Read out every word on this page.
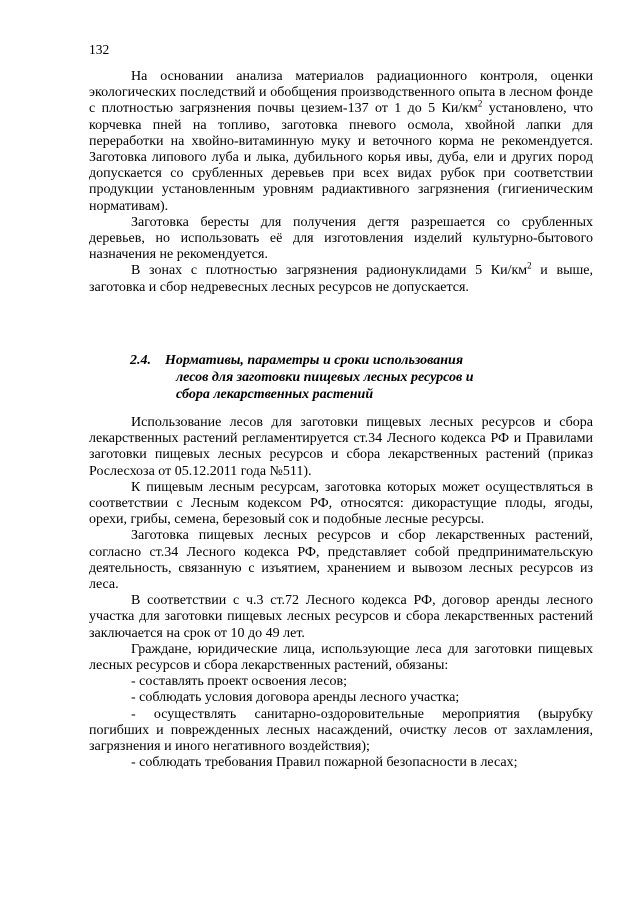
132

На основании анализа материалов радиационного контроля, оценки экологических последствий и обобщения производственного опыта в лесном фонде с плотностью загрязнения почвы цезием-137 от 1 до 5 $Ки/км^2$ установлено, что корчевка пней на топливо, заготовка пневого осмола, хвойной лапки для переработки на хвойно-витаминную муку и веточного корма не рекомендуется. Заготовка липового луба и лыка, дубильного корья ивы, дуба, ели и других пород допускается со срубленных деревьев при всех видах рубок при соответствии продукции установленным уровням радиактивного загрязнения (гигиеническим нормативам).

Заготовка бересты для получения дегтя разрешается со срубленных деревьев, но использовать её для изготовления изделий культурно-бытового назначения не рекомендуется.

В зонах с плотностью загрязнения радионуклидами 5 $Ки/км^2$ и выше, заготовка и сбор недревесных лесных ресурсов не допускается.

2.4. Нормативы, параметры и сроки использования
лесов для заготовки пищевых лесных ресурсов и
сбора лекарственных растений

Использование лесов для заготовки пищевых лесных ресурсов и сбора лекарственных растений регламентируется ст.34 Лесного кодекса РФ и Правилами заготовки пищевых лесных ресурсов и сбора лекарственных растений (приказ Рослесхоза от 05.12.2011 года №511).

К пищевым лесным ресурсам, заготовка которых может осуществляться в соответствии с Лесным кодексом РФ, относятся: дикорастущие плоды, ягоды, орехи, грибы, семена, березовый сок и подобные лесные ресурсы.

Заготовка пищевых лесных ресурсов и сбор лекарственных растений, согласно ст.34 Лесного кодекса РФ, представляет собой предпринимательскую деятельность, связанную с изъятием, хранением и вывозом лесных ресурсов из леса.

В соответствии с ч.3 ст.72 Лесного кодекса РФ, договор аренды лесного участка для заготовки пищевых лесных ресурсов и сбора лекарственных растений заключается на срок от 10 до 49 лет.

Граждане, юридические лица, использующие леса для заготовки пищевых лесных ресурсов и сбора лекарственных растений, обязаны:

- составлять проект освоения лесов;

- соблюдать условия договора аренды лесного участка;

- осуществлять санитарно-оздоровительные мероприятия (вырубку погибших и поврежденных лесных насаждений, очистку лесов от захламления, загрязнения и иного негативного воздействия);

- соблюдать требования Правил пожарной безопасности в лесах;
